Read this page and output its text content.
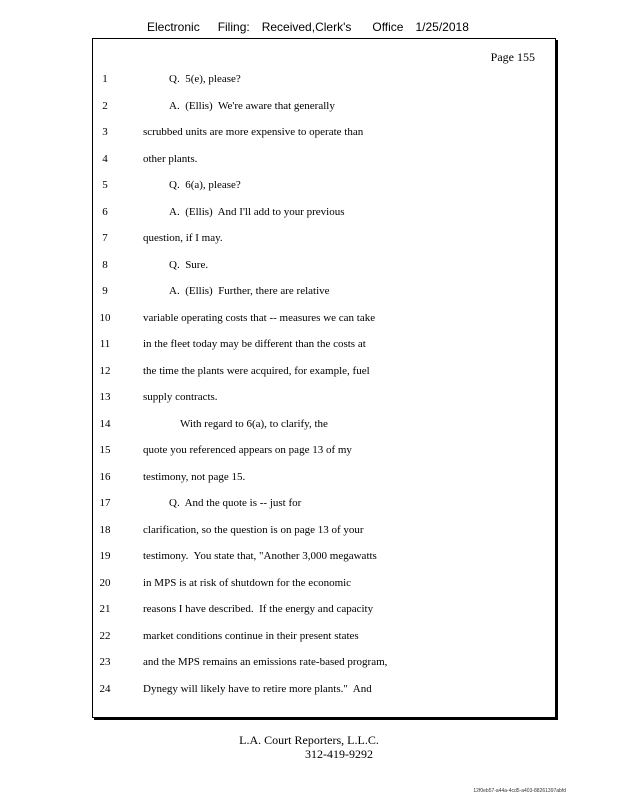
Electronic Filing: Received,Clerk's Office 1/25/2018
Page 155
1	Q.  5(e), please?
2	A.  (Ellis)  We're aware that generally
3	scrubbed units are more expensive to operate than
4	other plants.
5	Q.  6(a), please?
6	A.  (Ellis)  And I'll add to your previous
7	question, if I may.
8	Q.  Sure.
9	A.  (Ellis)  Further, there are relative
10	variable operating costs that -- measures we can take
11	in the fleet today may be different than the costs at
12	the time the plants were acquired, for example, fuel
13	supply contracts.
14	With regard to 6(a), to clarify, the
15	quote you referenced appears on page 13 of my
16	testimony, not page 15.
17	Q.  And the quote is -- just for
18	clarification, so the question is on page 13 of your
19	testimony.  You state that, "Another 3,000 megawatts
20	in MPS is at risk of shutdown for the economic
21	reasons I have described.  If the energy and capacity
22	market conditions continue in their present states
23	and the MPS remains an emissions rate-based program,
24	Dynegy will likely have to retire more plants."  And
L.A. Court Reporters, L.L.C.
312-419-9292
12f0eb57-a44a-4cd5-a403-88261397abfd
